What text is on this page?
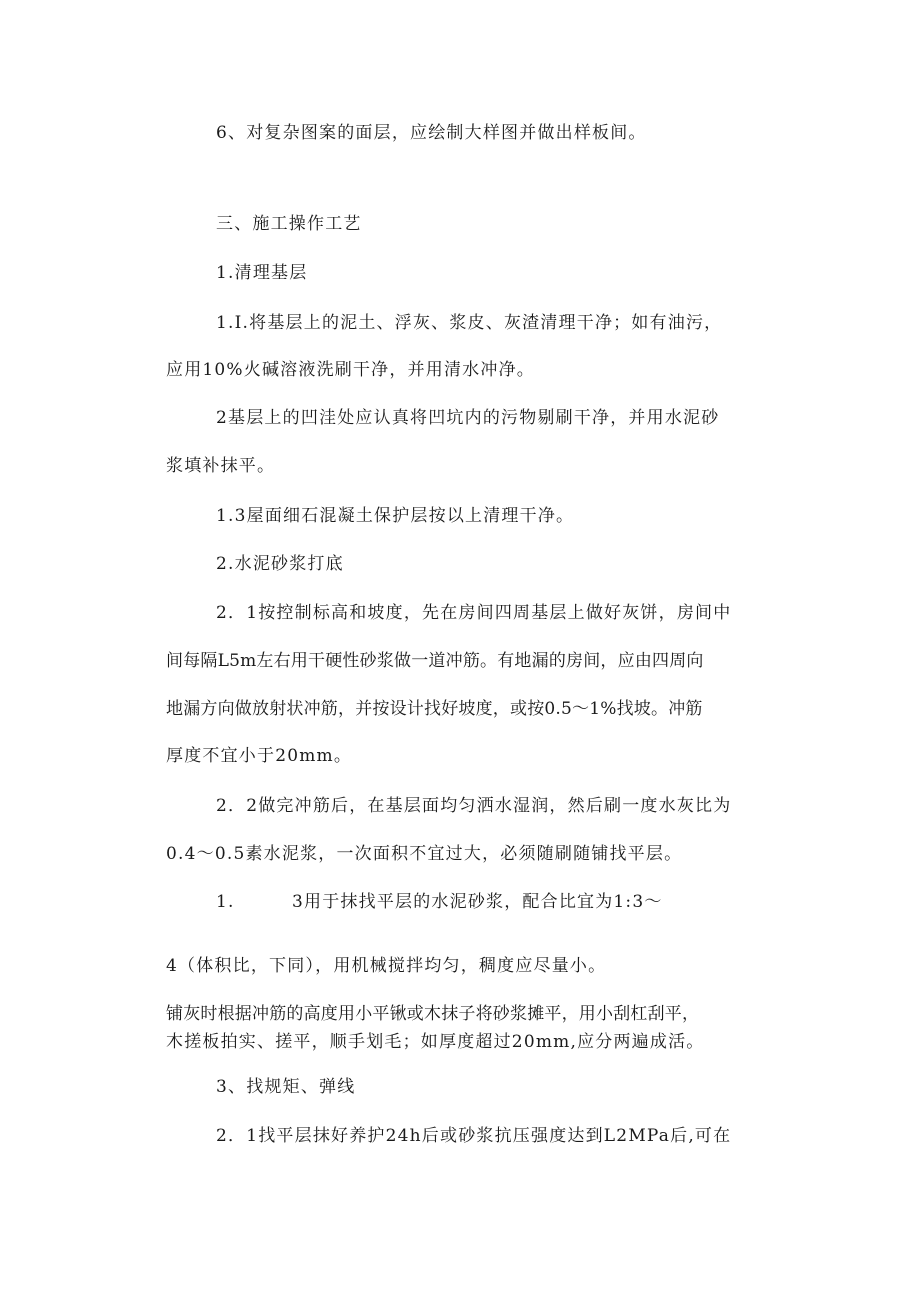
6、对复杂图案的面层，应绘制大样图并做出样板间。

三、施工操作工艺

1.清理基层

1.I.将基层上的泥土、浮灰、浆皮、灰渣清理干净；如有油污，

应用10%火碱溶液洗刷干净，并用清水冲净。

2基层上的凹洼处应认真将凹坑内的污物剔刷干净，并用水泥砂

浆填补抹平。

1.3屋面细石混凝土保护层按以上清理干净。

2.水泥砂浆打底

2．1按控制标高和坡度，先在房间四周基层上做好灰饼，房间中

间每隔L5m左右用干硬性砂浆做一道冲筋。有地漏的房间，应由四周向

地漏方向做放射状冲筋，并按设计找好坡度，或按0.5～1%找坡。冲筋

厚度不宜小于20mm。

2．2做完冲筋后，在基层面均匀洒水湿润，然后刷一度水灰比为

0.4～0.5素水泥浆，一次面积不宜过大，必须随刷随铺找平层。

1.	3用于抹找平层的水泥砂浆，配合比宜为1:3～

4（体积比，下同），用机械搅拌均匀，稠度应尽量小。

铺灰时根据冲筋的高度用小平锹或木抹子将砂浆摊平，用小刮杠刮平，

木搓板拍实、搓平，顺手划毛；如厚度超过20mm,应分两遍成活。

3、找规矩、弹线

2．1找平层抹好养护24h后或砂浆抗压强度达到L2MPa后,可在
